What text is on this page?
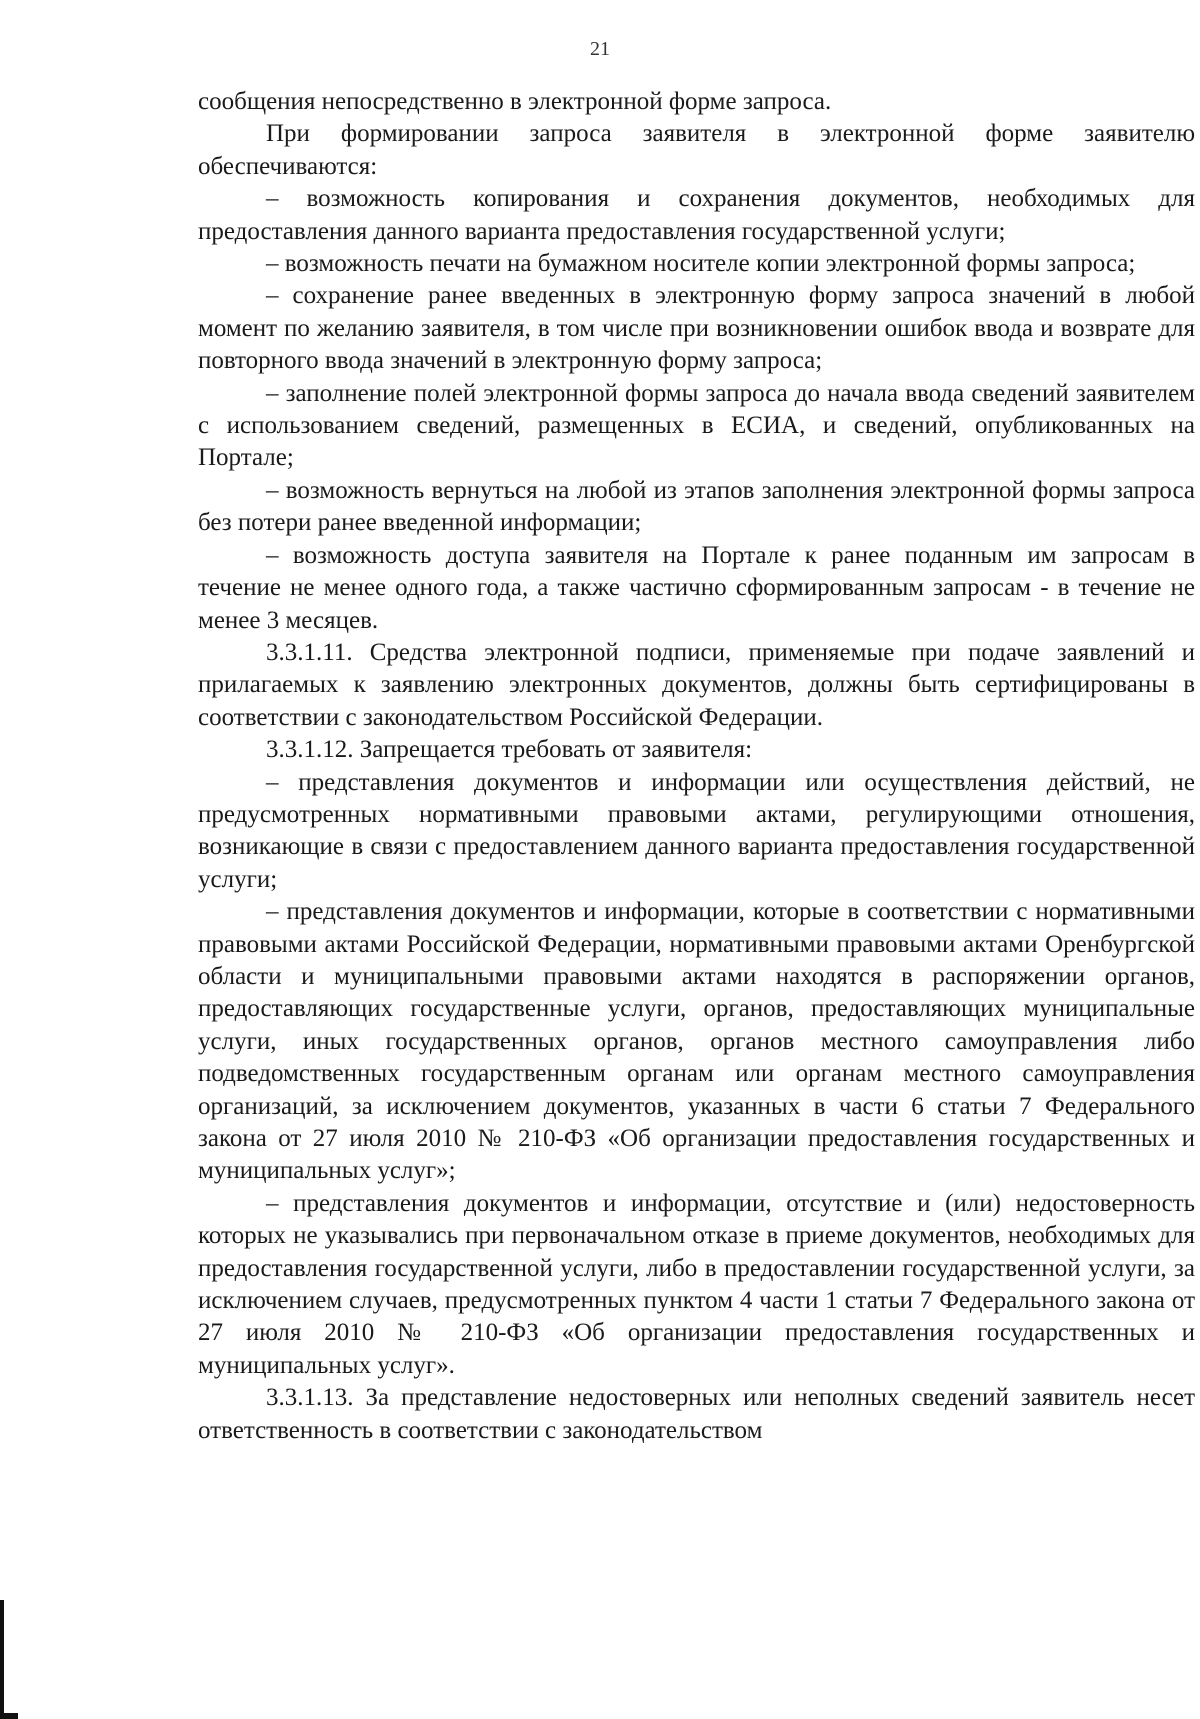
21

сообщения непосредственно в электронной форме запроса.

При формировании запроса заявителя в электронной форме заявителю обеспечиваются:

– возможность копирования и сохранения документов, необходимых для предоставления данного варианта предоставления государственной услуги;

– возможность печати на бумажном носителе копии электронной формы запроса;

– сохранение ранее введенных в электронную форму запроса значений в любой момент по желанию заявителя, в том числе при возникновении ошибок ввода и возврате для повторного ввода значений в электронную форму запроса;

– заполнение полей электронной формы запроса до начала ввода сведений заявителем с использованием сведений, размещенных в ЕСИА, и сведений, опубликованных на Портале;

– возможность вернуться на любой из этапов заполнения электронной формы запроса без потери ранее введенной информации;

– возможность доступа заявителя на Портале к ранее поданным им запросам в течение не менее одного года, а также частично сформированным запросам - в течение не менее 3 месяцев.

3.3.1.11. Средства электронной подписи, применяемые при подаче заявлений и прилагаемых к заявлению электронных документов, должны быть сертифицированы в соответствии с законодательством Российской Федерации.

3.3.1.12. Запрещается требовать от заявителя:

– представления документов и информации или осуществления действий, не предусмотренных нормативными правовыми актами, регулирующими отношения, возникающие в связи с предоставлением данного варианта предоставления государственной услуги;

– представления документов и информации, которые в соответствии с нормативными правовыми актами Российской Федерации, нормативными правовыми актами Оренбургской области и муниципальными правовыми актами находятся в распоряжении органов, предоставляющих государственные услуги, органов, предоставляющих муниципальные услуги, иных государственных органов, органов местного самоуправления либо подведомственных государственным органам или органам местного самоуправления организаций, за исключением документов, указанных в части 6 статьи 7 Федерального закона от 27 июля 2010 № 210-ФЗ «Об организации предоставления государственных и муниципальных услуг»;

– представления документов и информации, отсутствие и (или) недостоверность которых не указывались при первоначальном отказе в приеме документов, необходимых для предоставления государственной услуги, либо в предоставлении государственной услуги, за исключением случаев, предусмотренных пунктом 4 части 1 статьи 7 Федерального закона от 27 июля 2010 № 210-ФЗ «Об организации предоставления государственных и муниципальных услуг».

3.3.1.13. За представление недостоверных или неполных сведений заявитель несет ответственность в соответствии с законодательством
